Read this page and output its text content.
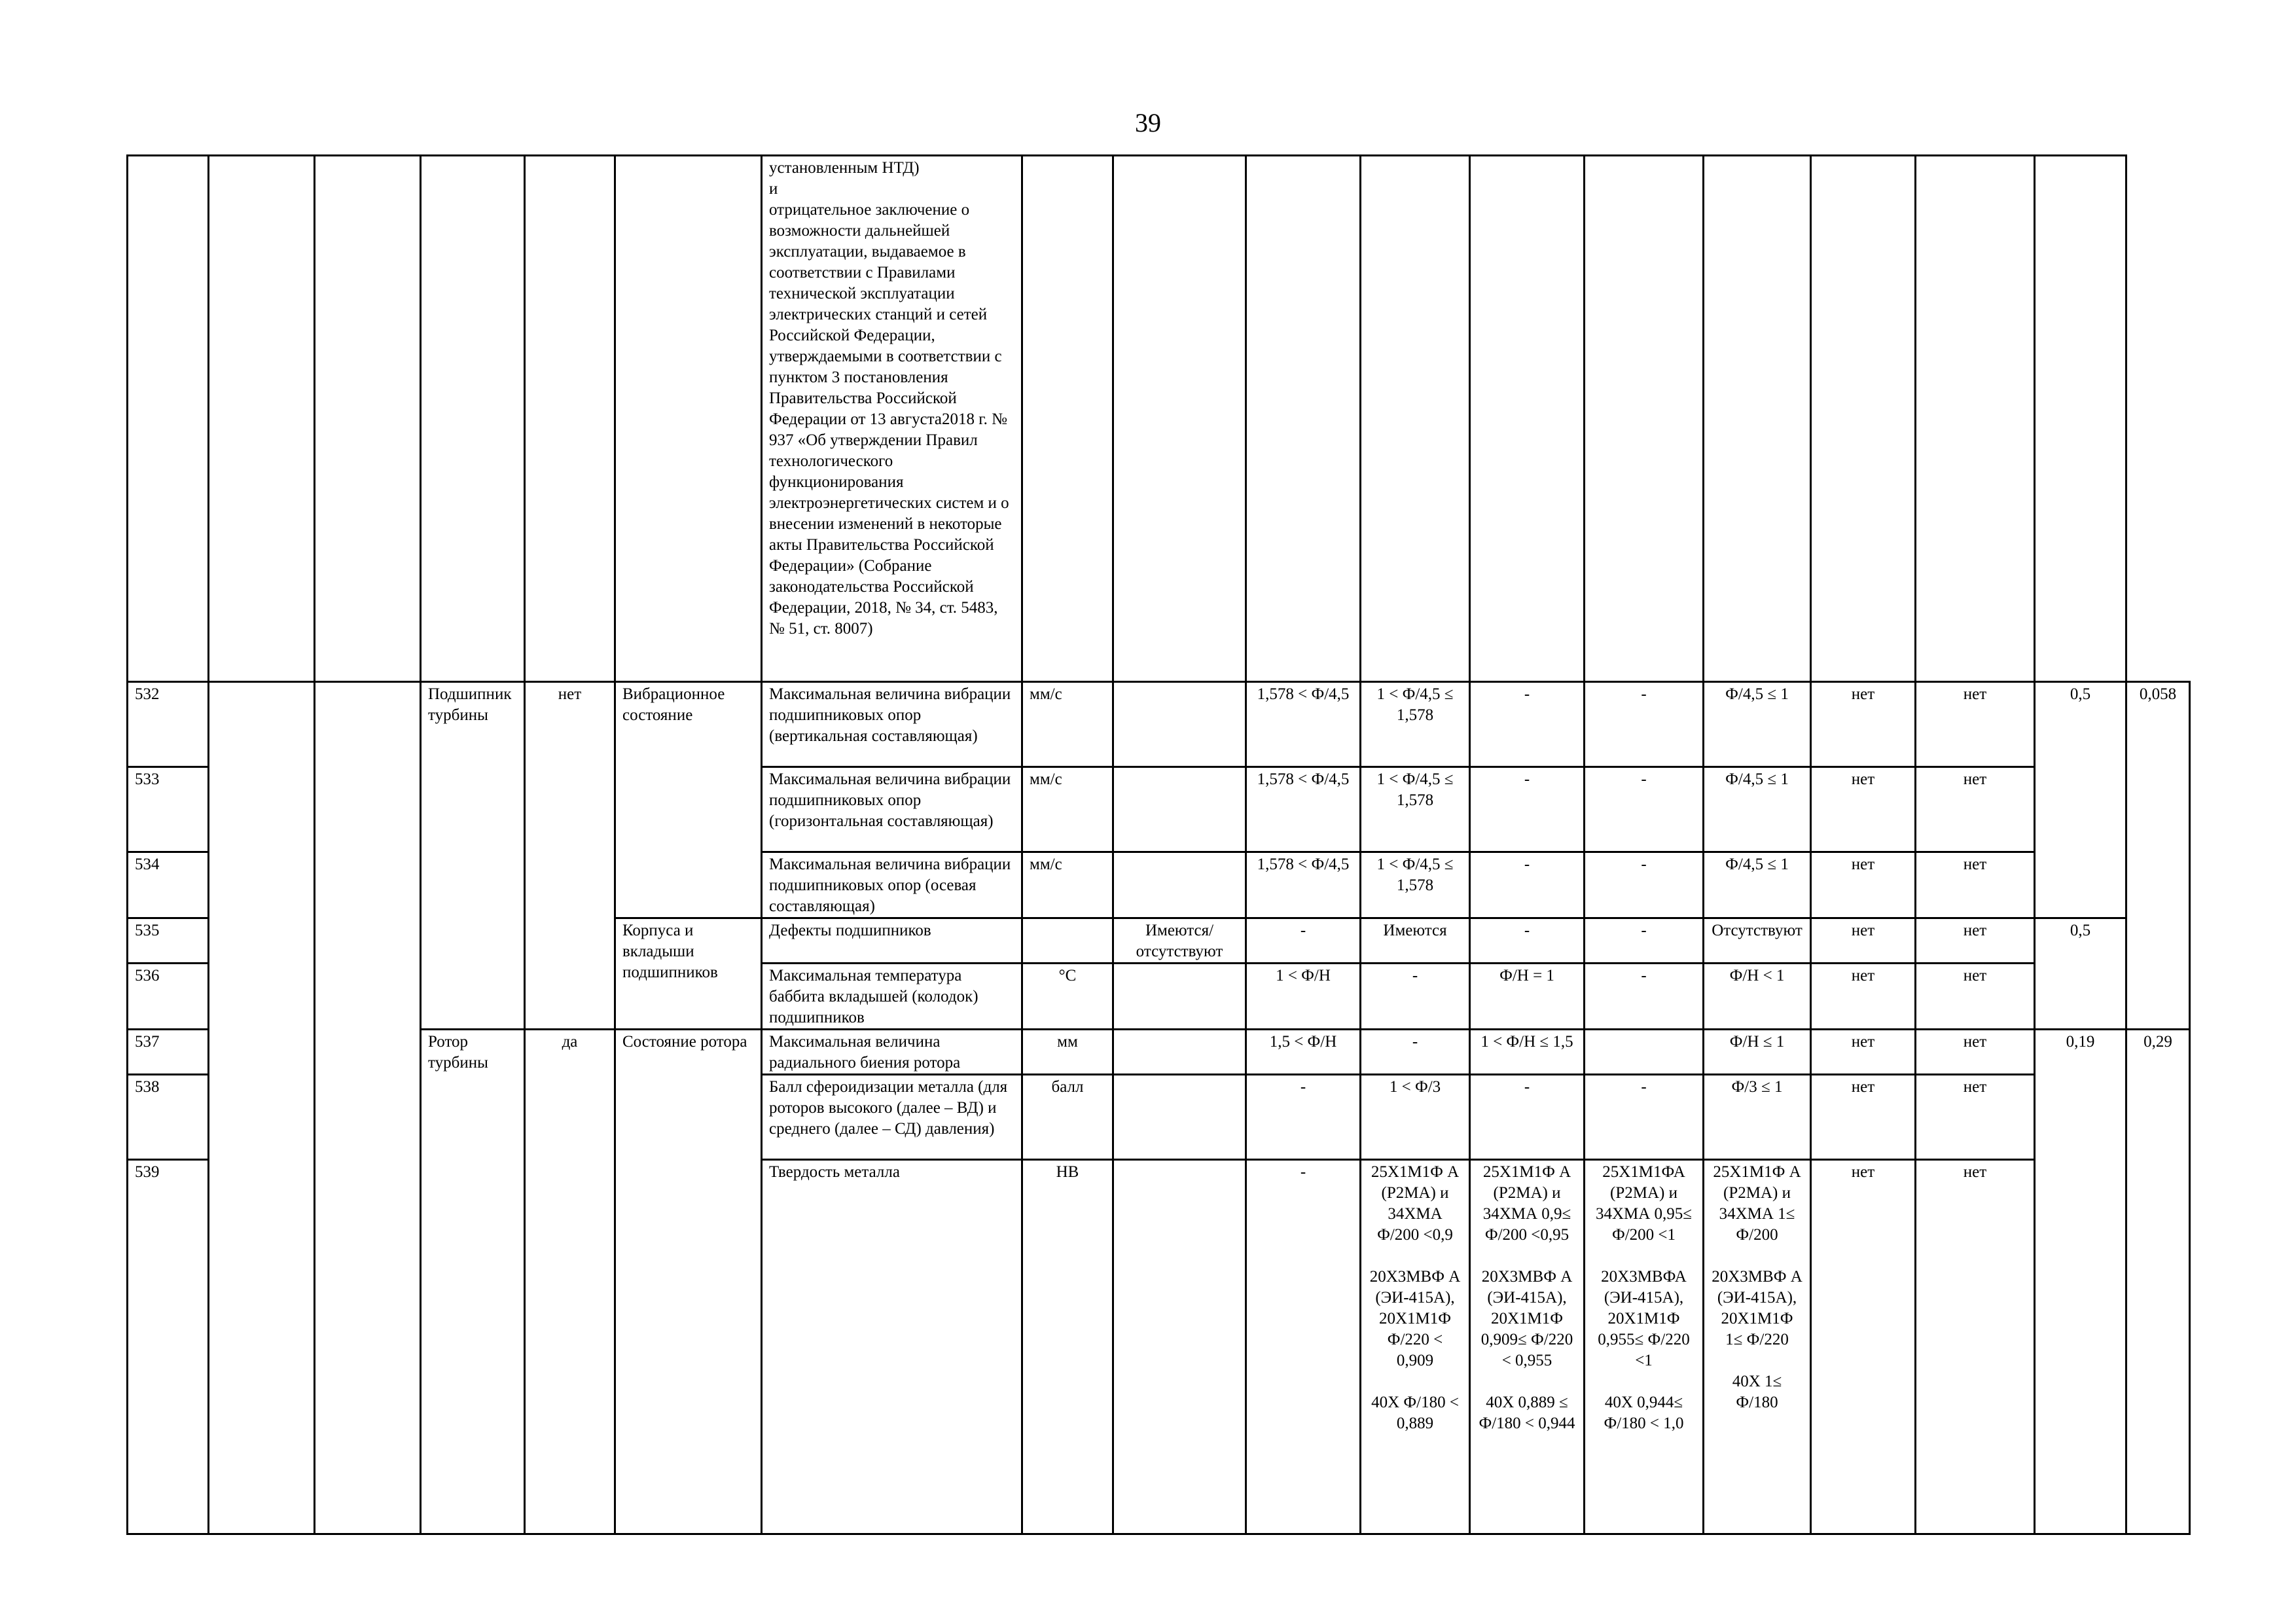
39
						установленным НТД)
и
отрицательное заключение о возможности дальнейшей эксплуатации, выдаваемое в соответствии с Правилами технической эксплуатации электрических станций и сетей Российской Федерации, утверждаемыми в соответствии с пунктом 3 постановления Правительства Российской Федерации от 13 августа2018 г. № 937 «Об утверждении Правил технологического функционирования электроэнергетических систем и о внесении изменений в некоторые акты Правительства Российской Федерации» (Собрание законодательства Российской Федерации, 2018, № 34, ст. 5483, № 51, ст. 8007)											
532			Подшипник турбины	нет	Вибрационное состояние	Максимальная величина вибрации подшипниковых опор (вертикальная составляющая)	мм/с		1,578 < Ф/4,5	1 < Ф/4,5 ≤ 1,578	-	-	Ф/4,5 ≤ 1	нет	нет	0,5	0,058
533						Максимальная величина вибрации подшипниковых опор (горизонтальная составляющая)	мм/с		1,578 < Ф/4,5	1 < Ф/4,5 ≤ 1,578	-	-	Ф/4,5 ≤ 1	нет	нет		
534						Максимальная величина вибрации подшипниковых опор (осевая составляющая)	мм/с		1,578 < Ф/4,5	1 < Ф/4,5 ≤ 1,578	-	-	Ф/4,5 ≤ 1	нет	нет		
535					Корпуса и вкладыши подшипников	Дефекты подшипников		Имеются/ отсутствуют	-	Имеются	-	-	Отсутствуют	нет	нет	0,5	
536						Максимальная температура баббита вкладышей (колодок) подшипников	°С		1 < Ф/Н	-	Ф/Н = 1	-	Ф/Н < 1	нет	нет		
537			Ротор турбины	да	Состояние ротора	Максимальная величина радиального биения ротора	мм		1,5 < Ф/Н	-	1 < Ф/Н ≤ 1,5		Ф/Н ≤ 1	нет	нет	0,19	0,29
538						Балл сфероидизации металла (для роторов высокого (далее – ВД) и среднего (далее – СД) давления)	балл		-	1 < Ф/3	-	-	Ф/3 ≤ 1	нет	нет		
539						Твердость металла	НВ		-	25Х1М1Ф А (Р2МА) и 34ХМА Ф/200 <0,9

20Х3МВФ А (ЭИ-415А), 20Х1М1Ф Ф/220 < 0,909

40Х Ф/180 < 0,889	25Х1М1Ф А (Р2МА) и 34ХМА 0,9≤ Ф/200 <0,95

20Х3МВФ А (ЭИ-415А), 20Х1М1Ф 0,909≤ Ф/220 < 0,955

40Х 0,889 ≤ Ф/180 < 0,944	25Х1М1ФА (Р2МА) и 34ХМА 0,95≤ Ф/200 <1

20Х3МВФА (ЭИ-415А), 20Х1М1Ф 0,955≤ Ф/220 <1

40Х 0,944≤ Ф/180 < 1,0	25Х1М1Ф А (Р2МА) и 34ХМА 1≤ Ф/200

20Х3МВФ А (ЭИ-415А), 20Х1М1Ф 1≤ Ф/220

40Х 1≤ Ф/180	нет	нет		
